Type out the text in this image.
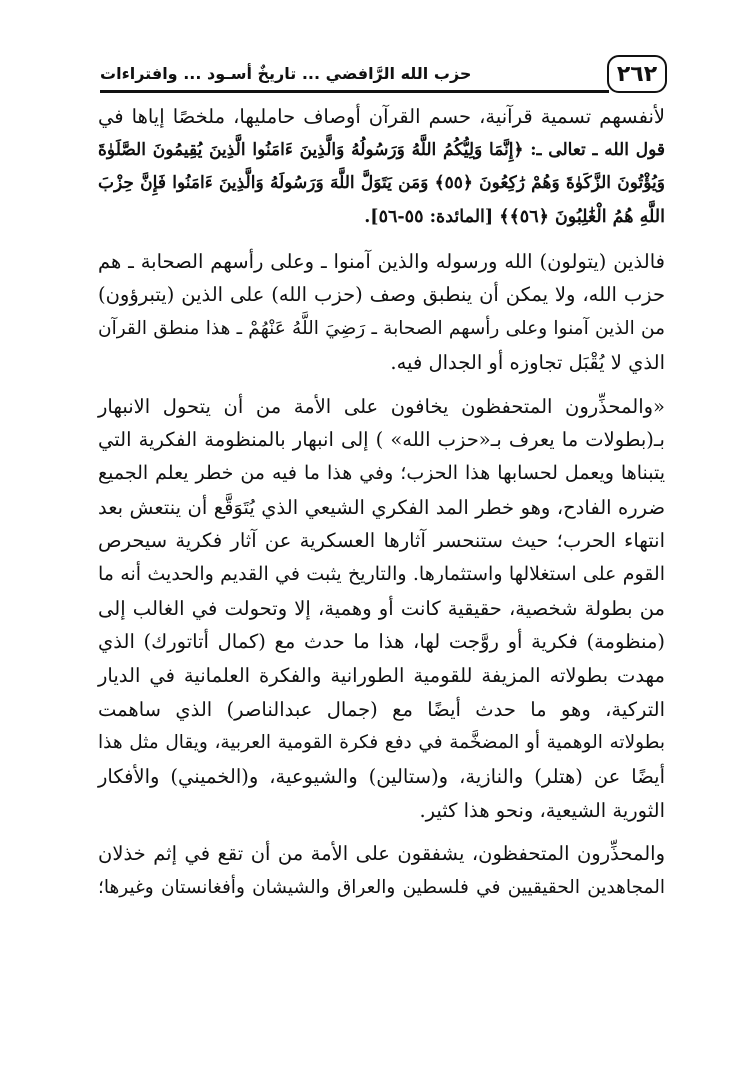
٢٦٢
حزب الله الرَّافضي ... تاريخٌ أسـود ... وافتراءات
لأنفسهم تسمية قرآنية، حسم القرآن أوصاف حامليها، ملخصًا إياها في
قول الله ـ تعالى ـ: ﴿إِنَّمَا وَلِيُّكُمُ اللَّهُ وَرَسُولُهُ وَالَّذِينَ ءَامَنُوا الَّذِينَ يُقِيمُونَ الصَّلَوٰةَ
وَيُؤْتُونَ الزَّكَوٰةَ وَهُمْ رَٰكِعُونَ ﴿٥٥﴾ وَمَن يَتَوَلَّ اللَّهَ وَرَسُولَهُ وَالَّذِينَ ءَامَنُوا فَإِنَّ حِزْبَ
اللَّهِ هُمُ الْغَٰلِبُونَ ﴿٥٦﴾﴾ [المائدة: ٥٥-٥٦].
فالذين (يتولون) الله ورسوله والذين آمنوا ـ وعلى رأسهم الصحابة ـ هم
حزب الله، ولا يمكن أن ينطبق وصف (حزب الله) على الذين (يتبرؤون)
من الذين آمنوا وعلى رأسهم الصحابة ـ رَضِيَ اللَّهُ عَنْهُمْ ـ هذا منطق القرآن
الذي لا يُقْبَل تجاوزه أو الجدال فيه.
«والمحذِّرون المتحفظون يخافون على الأمة من أن يتحول الانبهار
بـ(بطولات ما يعرف بـ«حزب الله» ) إلى انبهار بالمنظومة الفكرية التي
يتبناها ويعمل لحسابها هذا الحزب؛ وفي هذا ما فيه من خطر يعلم الجميع
ضرره الفادح، وهو خطر المد الفكري الشيعي الذي يُتَوَقَّع أن ينتعش بعد
انتهاء الحرب؛ حيث ستنحسر آثارها العسكرية عن آثار فكرية سيحرص
القوم على استغلالها واستثمارها. والتاريخ يثبت في القديم والحديث أنه ما
من بطولة شخصية، حقيقية كانت أو وهمية، إلا وتحولت في الغالب إلى
(منظومة) فكرية أو روَّجت لها، هذا ما حدث مع (كمال أتاتورك) الذي
مهدت بطولاته المزيفة للقومية الطورانية والفكرة العلمانية في الديار
التركية، وهو ما حدث أيضًا مع (جمال عبدالناصر) الذي ساهمت
بطولاته الوهمية أو المضخَّمة في دفع فكرة القومية العربية، ويقال مثل هذا
أيضًا عن (هتلر) والنازية، و(ستالين) والشيوعية، و(الخميني) والأفكار
الثورية الشيعية، ونحو هذا كثير.
والمحذِّرون المتحفظون، يشفقون على الأمة من أن تقع في إثم خذلان
المجاهدين الحقيقيين في فلسطين والعراق والشيشان وأفغانستان وغيرها؛
